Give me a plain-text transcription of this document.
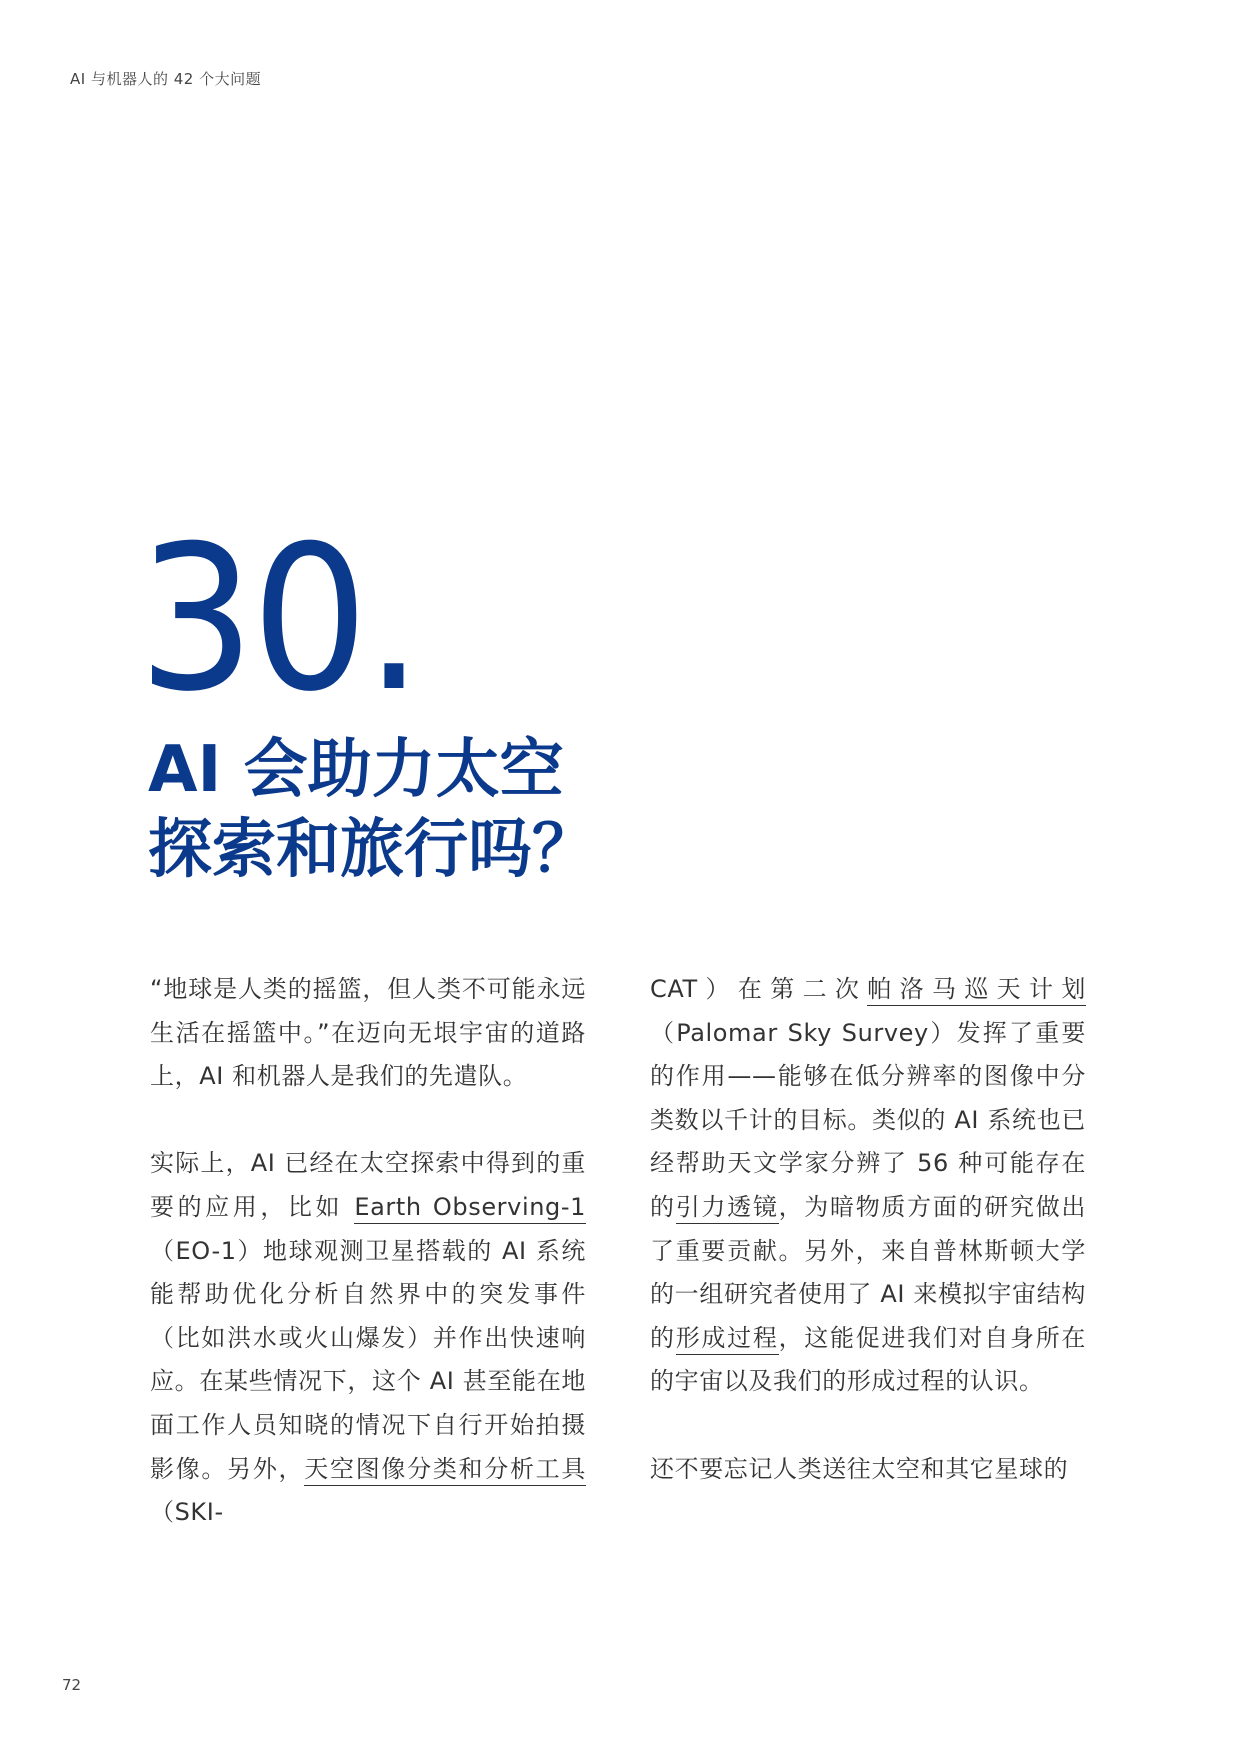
AI 与机器人的 42 个大问题
30.
AI 会助力太空
探索和旅行吗？

“地球是人类的摇篮，但人类不可能永远生活在摇篮中。”在迈向无垠宇宙的道路上，AI 和机器人是我们的先遣队。

实际上，AI 已经在太空探索中得到的重要的应用，比如 Earth Observing-1（EO-1）地球观测卫星搭载的 AI 系统能帮助优化分析自然界中的突发事件（比如洪水或火山爆发）并作出快速响应。在某些情况下，这个 AI 甚至能在地面工作人员知晓的情况下自行开始拍摄影像。另外，天空图像分类和分析工具（SKI-

CAT）在第二次帕洛马巡天计划（Palomar Sky Survey）发挥了重要的作用——能够在低分辨率的图像中分类数以千计的目标。类似的 AI 系统也已经帮助天文学家分辨了 56 种可能存在的引力透镜，为暗物质方面的研究做出了重要贡献。另外，来自普林斯顿大学的一组研究者使用了 AI 来模拟宇宙结构的形成过程，这能促进我们对自身所在的宇宙以及我们的形成过程的认识。

还不要忘记人类送往太空和其它星球的

72
